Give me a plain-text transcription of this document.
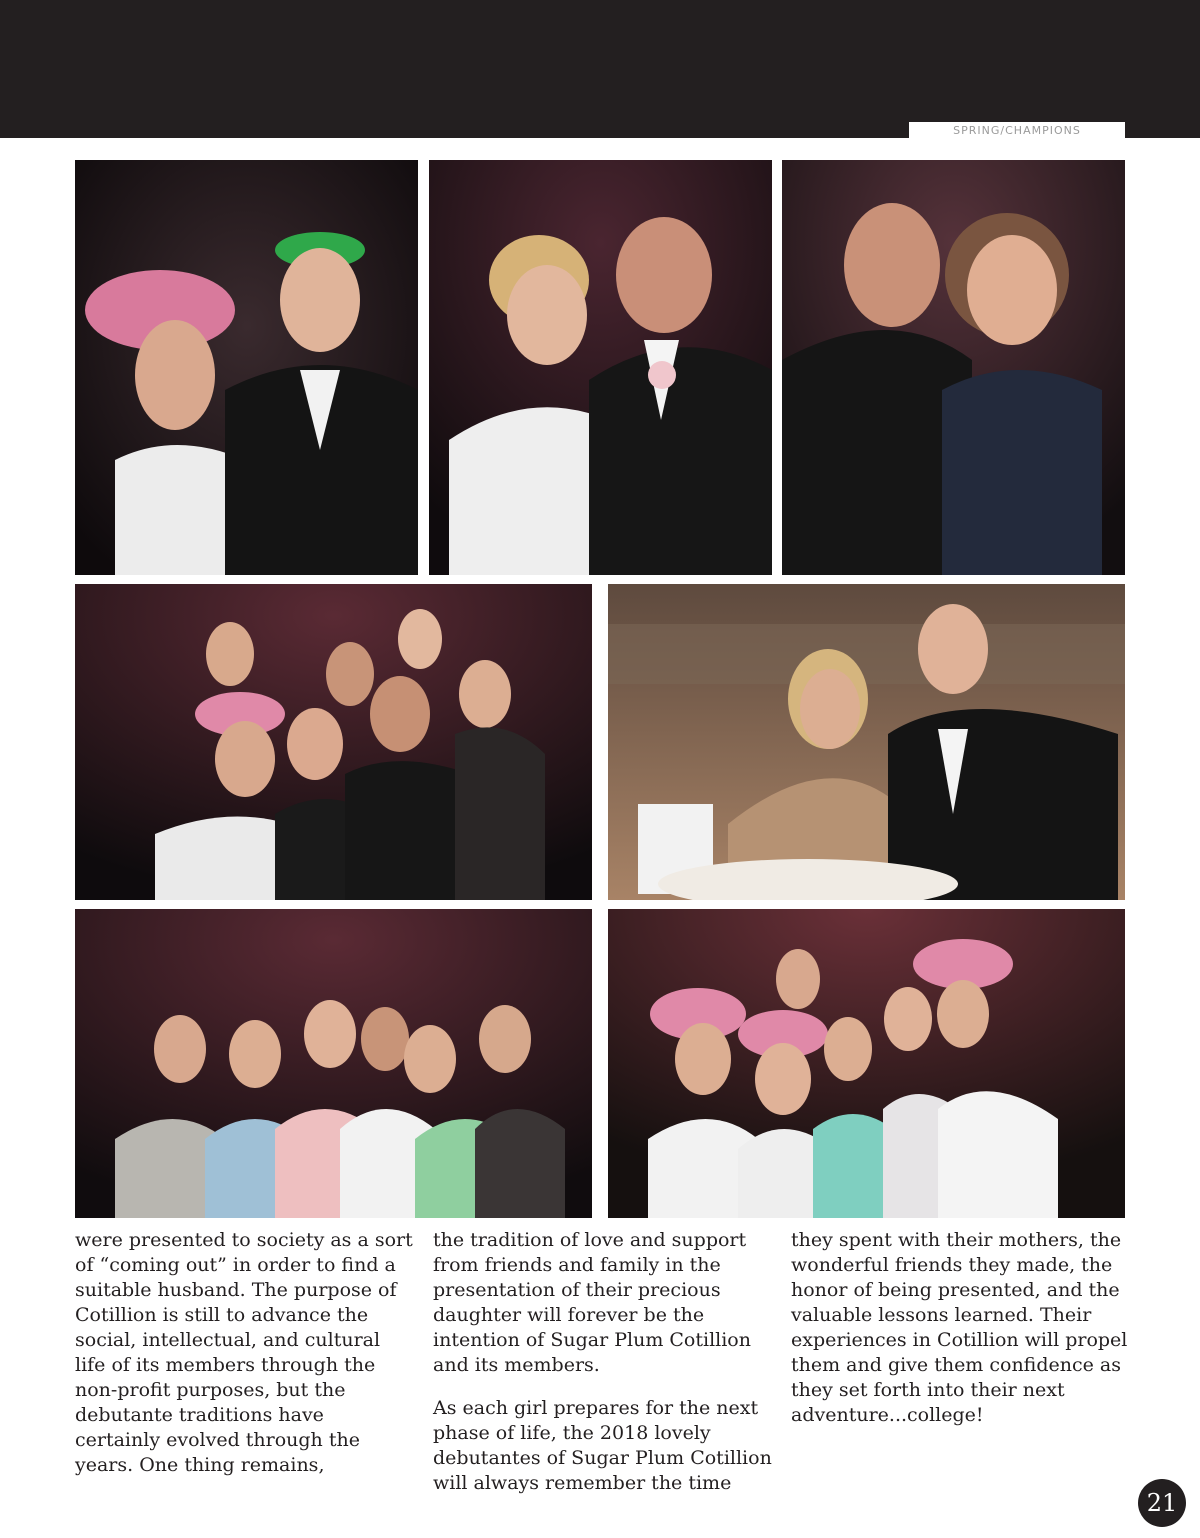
SPRING/CHAMPIONS

were presented to society as a sort of “coming out” in order to find a suitable husband. The purpose of Cotillion is still to advance the social, intellectual, and cultural life of its members through the non-profit purposes, but the debutante traditions have certainly evolved through the years. One thing remains,

the tradition of love and support from friends and family in the presentation of their precious daughter will forever be the intention of Sugar Plum Cotillion and its members.

As each girl prepares for the next phase of life, the 2018 lovely debutantes of Sugar Plum Cotillion will always remember the time

they spent with their mothers, the wonderful friends they made, the honor of being presented, and the valuable lessons learned. Their experiences in Cotillion will propel them and give them confidence as they set forth into their next adventure...college!

21
